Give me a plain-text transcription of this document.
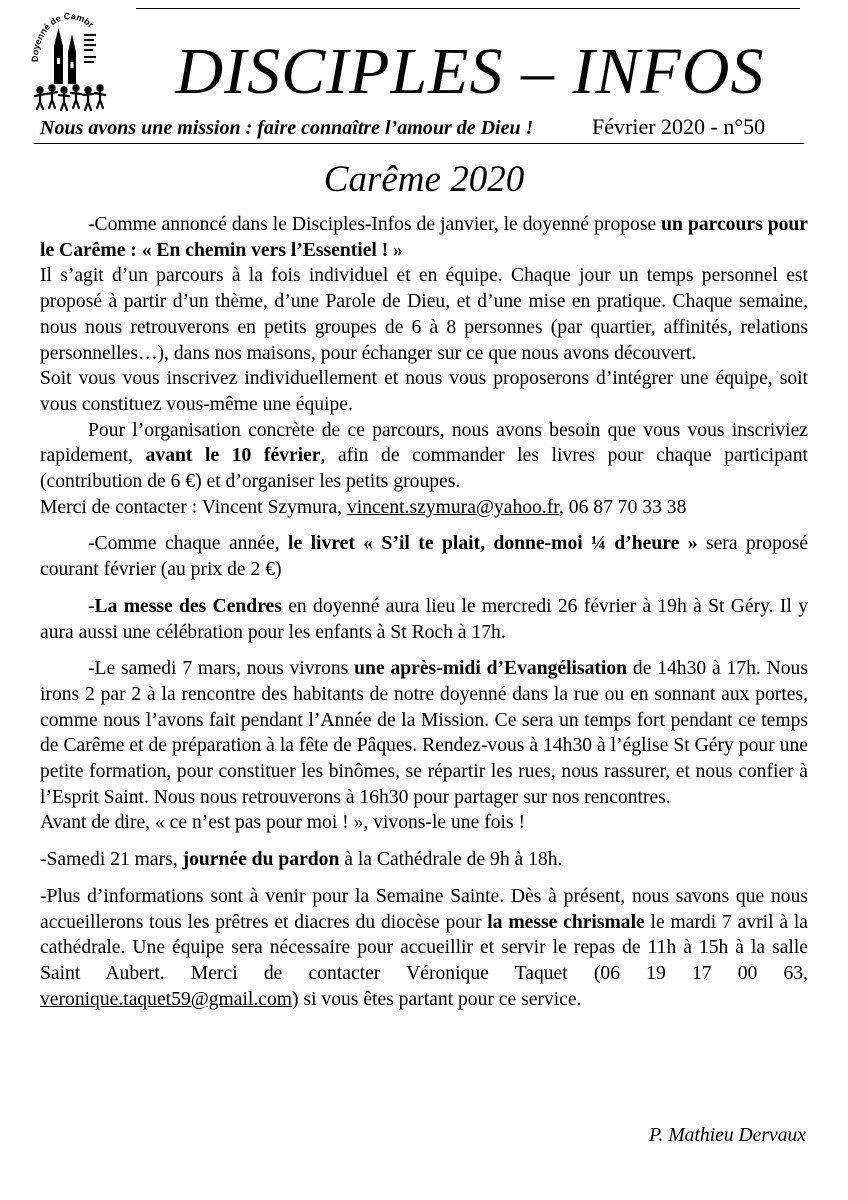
Doyenné de Cambr
DISCIPLES – INFOS
Nous avons une mission : faire connaître l’amour de Dieu !	Février 2020 - n°50
Carême 2020

-Comme annoncé dans le Disciples-Infos de janvier, le doyenné propose un parcours pour le Carême : « En chemin vers l’Essentiel ! »

Il s’agit d’un parcours à la fois individuel et en équipe. Chaque jour un temps personnel est proposé à partir d’un thème, d’une Parole de Dieu, et d’une mise en pratique. Chaque semaine, nous nous retrouverons en petits groupes de 6 à 8 personnes (par quartier, affinités, relations personnelles…), dans nos maisons, pour échanger sur ce que nous avons découvert.

Soit vous vous inscrivez individuellement et nous vous proposerons d’intégrer une équipe, soit vous constituez vous-même une équipe.

Pour l’organisation concrète de ce parcours, nous avons besoin que vous vous inscriviez rapidement, avant le 10 février, afin de commander les livres pour chaque participant (contribution de 6 €) et d’organiser les petits groupes.

Merci de contacter : Vincent Szymura, vincent.szymura@yahoo.fr, 06 87 70 33 38

-Comme chaque année, le livret « S’il te plait, donne-moi ¼ d’heure » sera proposé courant février (au prix de 2 €)

-La messe des Cendres en doyenné aura lieu le mercredi 26 février à 19h à St Géry. Il y aura aussi une célébration pour les enfants à St Roch à 17h.

-Le samedi 7 mars, nous vivrons une après-midi d’Evangélisation de 14h30 à 17h. Nous irons 2 par 2 à la rencontre des habitants de notre doyenné dans la rue ou en sonnant aux portes, comme nous l’avons fait pendant l’Année de la Mission. Ce sera un temps fort pendant ce temps de Carême et de préparation à la fête de Pâques. Rendez-vous à 14h30 à l’église St Géry pour une petite formation, pour constituer les binômes, se répartir les rues, nous rassurer, et nous confier à l’Esprit Saint. Nous nous retrouverons à 16h30 pour partager sur nos rencontres.

Avant de dire, « ce n’est pas pour moi ! », vivons-le une fois !

-Samedi 21 mars, journée du pardon à la Cathédrale de 9h à 18h.

-Plus d’informations sont à venir pour la Semaine Sainte. Dès à présent, nous savons que nous accueillerons tous les prêtres et diacres du diocèse pour la messe chrismale le mardi 7 avril à la cathédrale. Une équipe sera nécessaire pour accueillir et servir le repas de 11h à 15h à la salle Saint Aubert. Merci de contacter Véronique Taquet (06 19 17 00 63, veronique.taquet59@gmail.com) si vous êtes partant pour ce service.

P. Mathieu Dervaux
